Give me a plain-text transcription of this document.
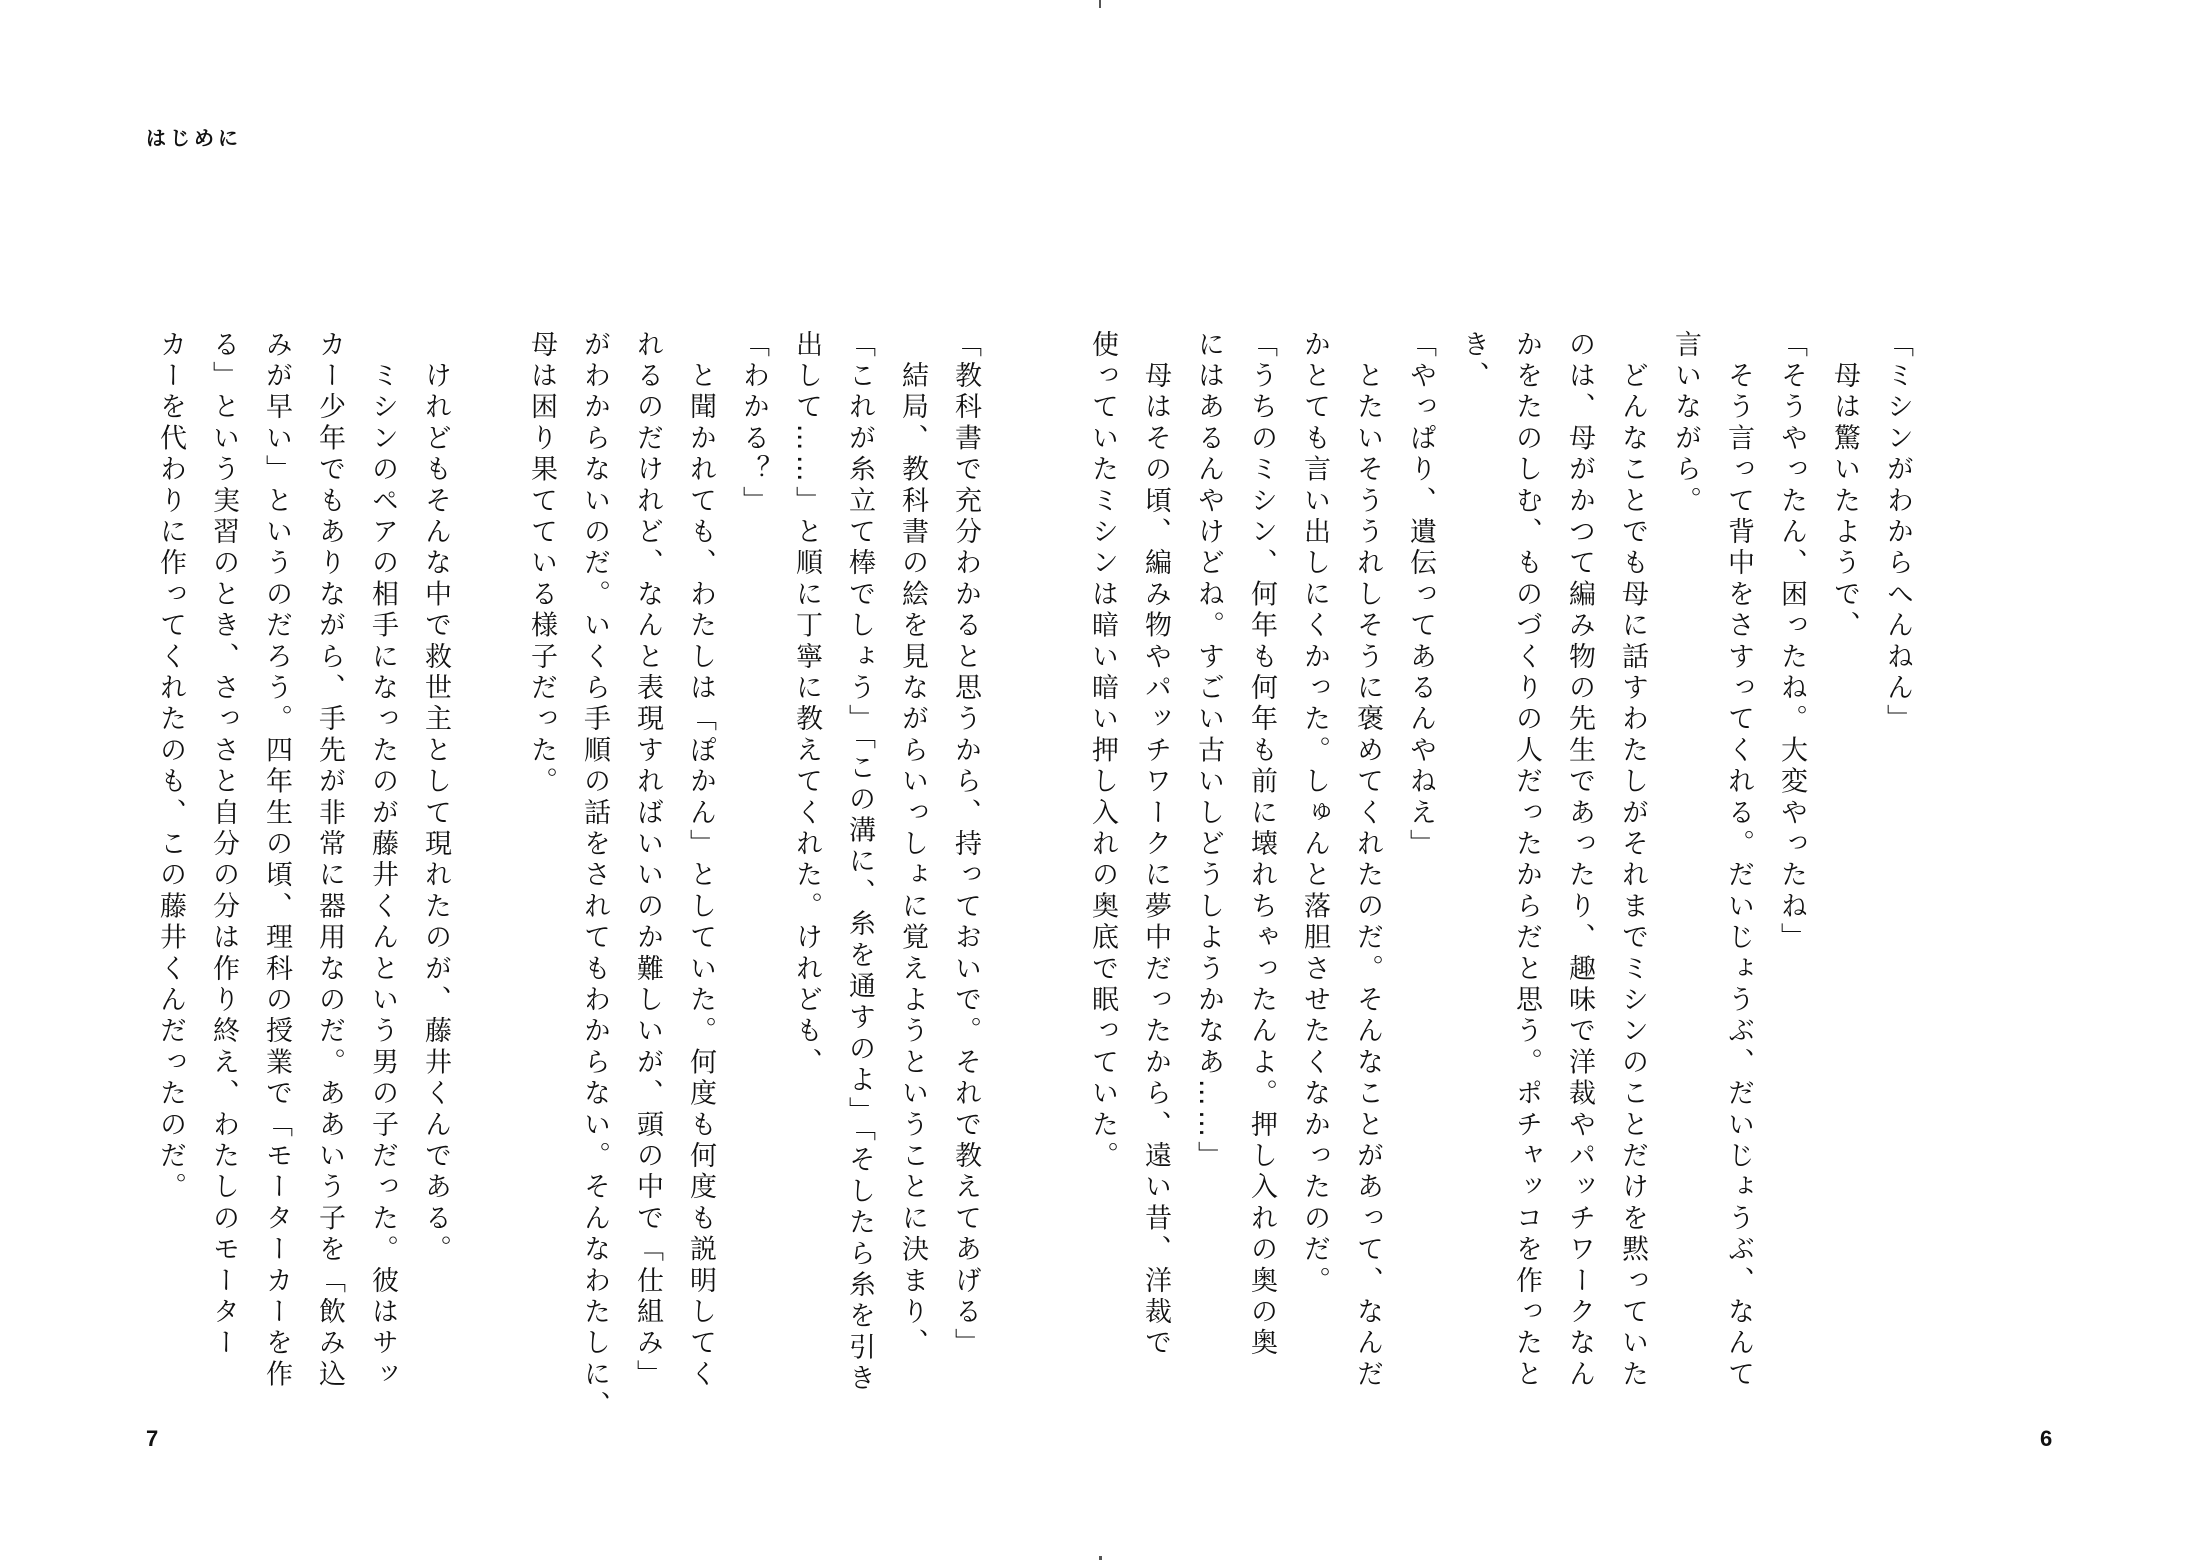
はじめに
「ミシンがわからへんねん」
　母は驚いたようで、
「そうやったん、困ったね。大変やったね」
　そう言って背中をさすってくれる。だいじょうぶ、だいじょうぶ、なんて
言いながら。
　どんなことでも母に話すわたしがそれまでミシンのことだけを黙っていた
のは、母がかつて編み物の先生であったり、趣味で洋裁やパッチワークなん
かをたのしむ、ものづくりの人だったからだと思う。ポチャッコを作ったと
き、
「やっぱり、遺伝ってあるんやねえ」
　とたいそううれしそうに褒めてくれたのだ。そんなことがあって、なんだ
かとても言い出しにくかった。しゅんと落胆させたくなかったのだ。
「うちのミシン、何年も何年も前に壊れちゃったんよ。押し入れの奥の奥
にはあるんやけどね。すごい古いしどうしようかなあ……」
　母はその頃、編み物やパッチワークに夢中だったから、遠い昔、洋裁で
使っていたミシンは暗い暗い押し入れの奥底で眠っていた。
「教科書で充分わかると思うから、持っておいで。それで教えてあげる」
　結局、教科書の絵を見ながらいっしょに覚えようということに決まり、
「これが糸立て棒でしょう」「この溝に、糸を通すのよ」「そしたら糸を引き
出して……」と順に丁寧に教えてくれた。けれども、
「わかる？」
　と聞かれても、わたしは「ぽかん」としていた。何度も何度も説明してく
れるのだけれど、なんと表現すればいいのか難しいが、頭の中で「仕組み」
がわからないのだ。いくら手順の話をされてもわからない。そんなわたしに、
母は困り果てている様子だった。
　けれどもそんな中で救世主として現れたのが、藤井くんである。
　ミシンのペアの相手になったのが藤井くんという男の子だった。彼はサッ
カー少年でもありながら、手先が非常に器用なのだ。ああいう子を「飲み込
みが早い」というのだろう。四年生の頃、理科の授業で「モーターカーを作
る」という実習のとき、さっさと自分の分は作り終え、わたしのモーター
カーを代わりに作ってくれたのも、この藤井くんだったのだ。
7	6
